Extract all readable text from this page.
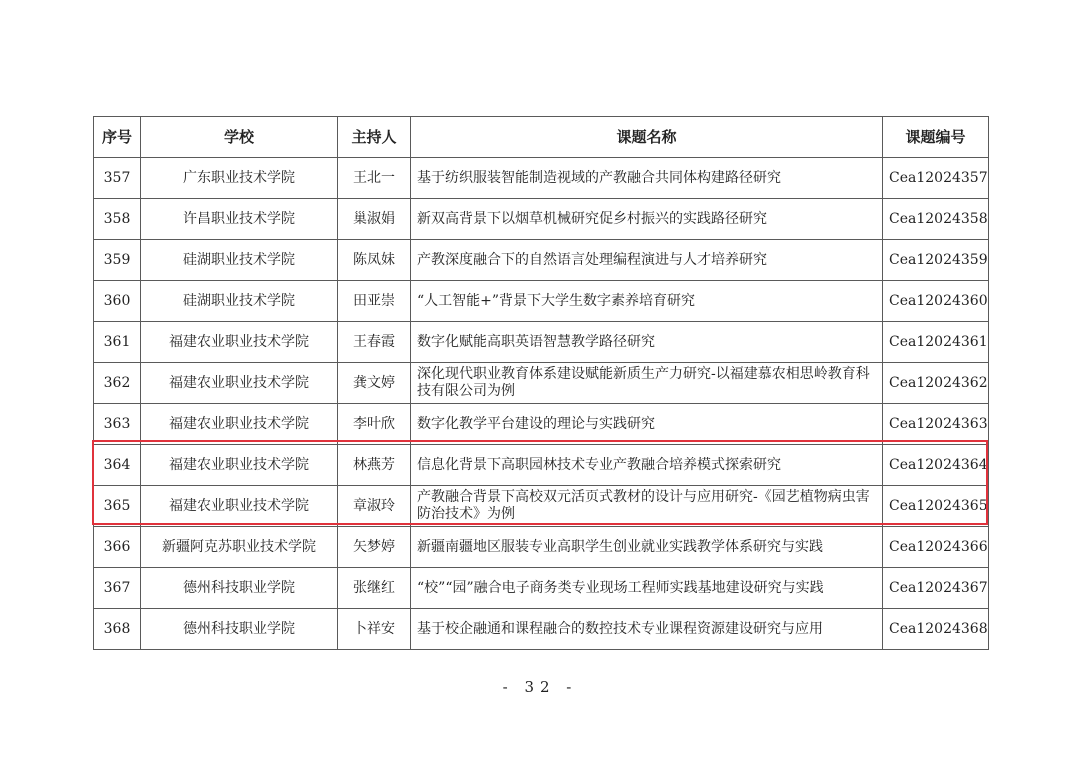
序号	学校	主持人	课题名称	课题编号
357	广东职业技术学院	王北一	基于纺织服装智能制造视域的产教融合共同体构建路径研究	Cea12024357
358	许昌职业技术学院	巢淑娟	新双高背景下以烟草机械研究促乡村振兴的实践路径研究	Cea12024358
359	硅湖职业技术学院	陈凤妹	产教深度融合下的自然语言处理编程演进与人才培养研究	Cea12024359
360	硅湖职业技术学院	田亚崇	“人工智能+”背景下大学生数字素养培育研究	Cea12024360
361	福建农业职业技术学院	王春霞	数字化赋能高职英语智慧教学路径研究	Cea12024361
362	福建农业职业技术学院	龚文婷	深化现代职业教育体系建设赋能新质生产力研究-以福建慕农相思岭教育科技有限公司为例	Cea12024362
363	福建农业职业技术学院	李叶欣	数字化教学平台建设的理论与实践研究	Cea12024363
364	福建农业职业技术学院	林燕芳	信息化背景下高职园林技术专业产教融合培养模式探索研究	Cea12024364
365	福建农业职业技术学院	章淑玲	产教融合背景下高校双元活页式教材的设计与应用研究-《园艺植物病虫害防治技术》为例	Cea12024365
366	新疆阿克苏职业技术学院	矢梦婷	新疆南疆地区服装专业高职学生创业就业实践教学体系研究与实践	Cea12024366
367	德州科技职业学院	张继红	“校”“园”融合电子商务类专业现场工程师实践基地建设研究与实践	Cea12024367
368	德州科技职业学院	卜祥安	基于校企融通和课程融合的数控技术专业课程资源建设研究与应用	Cea12024368
- 32 -
